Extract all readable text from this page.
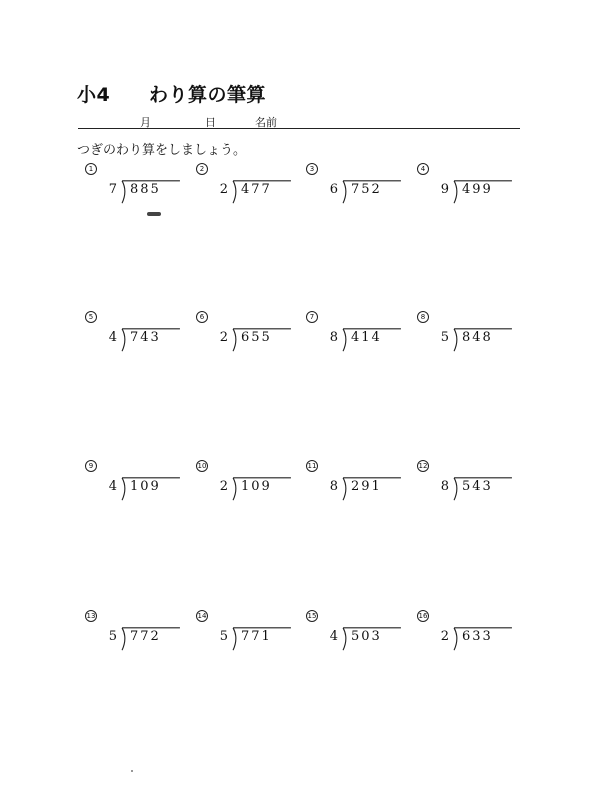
小4 わり算の筆算
月	日	名前
つぎのわり算をしましょう。
1
7 885
2
2 477
3
6 752
4
9 499
5
4 743
6
2 655
7
8 414
8
5 848
9
4 109
10
2 109
11
8 291
12
8 543
13
5 772
14
5 771
15
4 503
16
2 633
